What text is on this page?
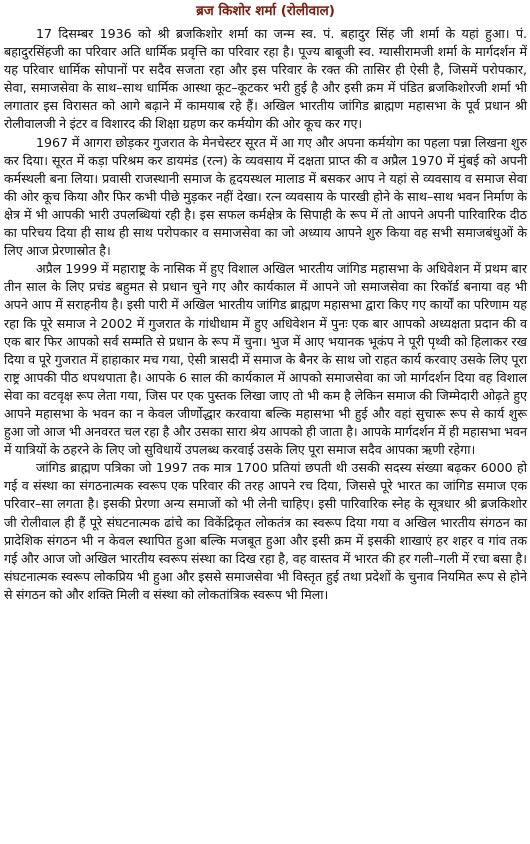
ब्रज किशोर शर्मा (रोलीवाल)

17 दिसम्बर 1936 को श्री ब्रजकिशोर शर्मा का जन्म स्व. पं. बहादुर सिंह जी शर्मा के यहां हुआ। पं. बहादुरसिंहजी का परिवार अति धार्मिक प्रवृत्ति का परिवार रहा है। पूज्य बाबूजी स्व. ग्यासीरामजी शर्मा के मार्गदर्शन में यह परिवार धार्मिक सोपानों पर सदैव सजता रहा और इस परिवार के रक्त की तासिर ही ऐसी है, जिसमें परोपकार, सेवा, समाजसेवा के साथ–साथ धार्मिक आस्था कूट–कूटकर भरी हुई है और इसी क्रम में पंडित ब्रजकिशोरजी शर्मा भी लगातार इस विरासत को आगे बढ़ाने में कामयाब रहे हैं। अखिल भारतीय जांगिड ब्राह्मण महासभा के पूर्व प्रधान श्री रोलीवालजी ने इंटर व विशारद की शिक्षा ग्रहण कर कर्मयोग की ओर कूच कर गए।

1967 में आगरा छोड़कर गुजरात के मेनचेस्टर सूरत में आ गए और अपना कर्मयोग का पहला पन्ना लिखना शुरु कर दिया। सूरत में कड़ा परिश्रम कर डायमंड (रत्न) के व्यवसाय में दक्षता प्राप्त की व अप्रैल 1970 में मुंबई को अपनी कर्मस्थली बना लिया। प्रवासी राजस्थानी समाज के हृदयस्थल मालाड में बसकर आप ने यहां से व्यवसाय व समाज सेवा की ओर कूच किया और फिर कभी पीछे मुड़कर नहीं देखा। रत्न व्यवसाय के पारखी होने के साथ–साथ भवन निर्माण के क्षेत्र में भी आपकी भारी उपलब्धियां रही है। इस सफल कर्मक्षेत्र के सिपाही के रूप में तो आपने अपनी पारिवारिक दीठ का परिचय दिया ही साथ ही साथ परोपकार व समाजसेवा का जो अध्याय आपने शुरु किया वह सभी समाजबंधुओं के लिए आज प्रेरणास्रोत है।

अप्रैल 1999 में महाराष्ट्र के नासिक में हुए विशाल अखिल भारतीय जांगिड महासभा के अधिवेशन में प्रथम बार तीन साल के लिए प्रचंड बहुमत से प्रधान चुने गए और कार्यकाल में आपने जो समाजसेवा का रिकॉर्ड बनाया वह भी अपने आप में सराहनीय है। इसी पारी में अखिल भारतीय जांगिड ब्राह्मण महासभा द्वारा किए गए कार्यों का परिणाम यह रहा कि पूरे समाज ने 2002 में गुजरात के गांधीधाम में हुए अधिवेशन में पुनः एक बार आपको अध्यक्षता प्रदान की व एक बार फिर आपको सर्व सम्मति से प्रधान के रूप में चुना। भुज में आए भयानक भूकंप ने पूरी पृथ्वी को हिलाकर रख दिया व पूरे गुजरात में हाहाकार मच गया, ऐसी त्रासदी में समाज के बैनर के साथ जो राहत कार्य करवाए उसके लिए पूरा राष्ट्र आपकी पीठ थपथपाता है। आपके 6 साल की कार्यकाल में आपको समाजसेवा का जो मार्गदर्शन दिया वह विशाल सेवा का वटवृक्ष रूप लेता गया, जिस पर एक पुस्तक लिखा जाए तो भी कम है लेकिन समाज की जिम्मेदारी ओढ़ते हुए आपने महासभा के भवन का न केवल जीर्णोद्धार करवाया बल्कि महासभा भी हुई और वहां सुचारू रूप से कार्य शुरू हुआ जो आज भी अनवरत चल रहा है और उसका सारा श्रेय आपको ही जाता है। आपके मार्गदर्शन में ही महासभा भवन में यात्रियों के ठहरने के लिए जो सुविधायें उपलब्ध करवाई उसके लिए पूरा समाज सदैव आपका ऋणी रहेगा।

जांगिड ब्राह्मण पत्रिका जो 1997 तक मात्र 1700 प्रतियां छपती थी उसकी सदस्य संख्या बढ़कर 6000 हो गई व संस्था का संगठनात्मक स्वरूप एक परिवार की तरह आपने रच दिया, जिससे पूरे भारत का जांगिड समाज एक परिवार–सा लगता है। इसकी प्रेरणा अन्य समाजों को भी लेनी चाहिए। इसी पारिवारिक स्नेह के सूत्रधार श्री ब्रजकिशोर जी रोलीवाल ही हैं पूरे संघटनात्मक ढांचे का विकेंद्रिकृत लोकतंत्र का स्वरूप दिया गया व अखिल भारतीय संगठन का प्रादेशिक संगठन भी न केवल स्थापित हुआ बल्कि मजबूत हुआ और इसी क्रम में इसकी शाखाएं हर शहर व गांव तक गई और आज जो अखिल भारतीय स्वरूप संस्था का दिख रहा है, वह वास्तव में भारत की हर गली–गली में रचा बसा है। संघटनात्मक स्वरूप लोकप्रिय भी हुआ और इससे समाजसेवा भी विस्तृत हुई तथा प्रदेशों के चुनाव नियमित रूप से होने से संगठन को और शक्ति मिली व संस्था को लोकतांत्रिक स्वरूप भी मिला।
